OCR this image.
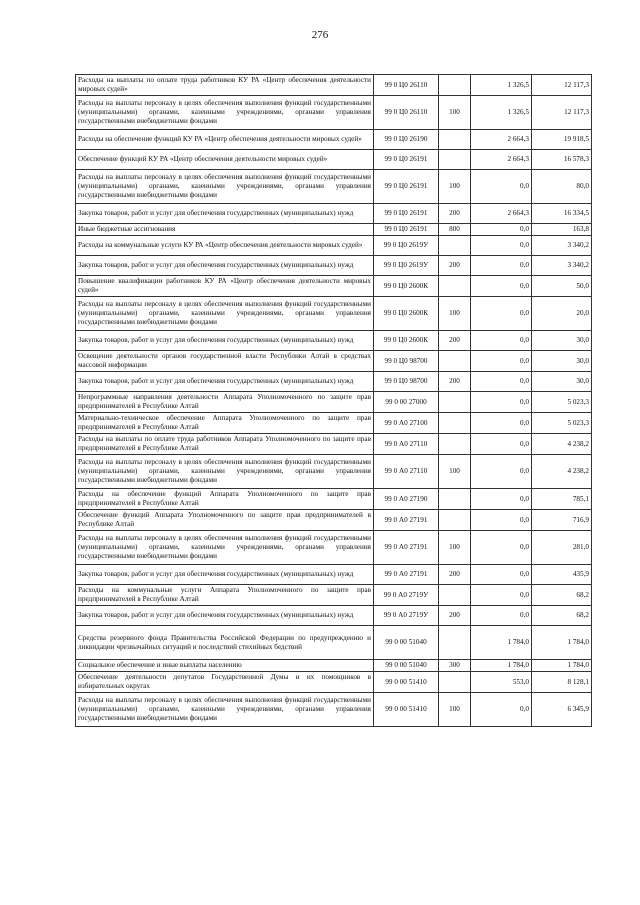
276
Расходы на выплаты по оплате труда работников КУ РА «Центр обеспечения деятельности мировых судей»	99 0 Ц0 26110		1 326,5	12 117,3
Расходы на выплаты персоналу в целях обеспечения выполнения функций государственными (муниципальными) органами, казенными учреждениями, органами управления государственными внебюджетными фондами	99 0 Ц0 26110	100	1 326,5	12 117,3
Расходы на обеспечение функций КУ РА «Центр обеспечения деятельности мировых судей»	99 0 Ц0 26190		2 664,3	19 918,5
Обеспечение функций КУ РА «Центр обеспечения деятельности мировых судей»	99 0 Ц0 26191		2 664,3	16 578,3
Расходы на выплаты персоналу в целях обеспечения выполнения функций государственными (муниципальными) органами, казенными учреждениями, органами управления государственными внебюджетными фондами	99 0 Ц0 26191	100	0,0	80,0
Закупка товаров, работ и услуг для обеспечения государственных (муниципальных) нужд	99 0 Ц0 26191	200	2 664,3	16 334,5
Иные бюджетные ассигнования	99 0 Ц0 26191	800	0,0	163,8
Расходы на коммунальные услуги КУ РА «Центр обеспечения деятельности мировых судей»	99 0 Ц0 2619У		0,0	3 340,2
Закупка товаров, работ и услуг для обеспечения государственных (муниципальных) нужд	99 0 Ц0 2619У	200	0,0	3 340,2
Повышение квалификации работников КУ РА «Центр обеспечения деятельности мировых судей»	99 0 Ц0 2600К		0,0	50,0
Расходы на выплаты персоналу в целях обеспечения выполнения функций государственными (муниципальными) органами, казенными учреждениями, органами управления государственными внебюджетными фондами	99 0 Ц0 2600К	100	0,0	20,0
Закупка товаров, работ и услуг для обеспечения государственных (муниципальных) нужд	99 0 Ц0 2600К	200	0,0	30,0
Освещение деятельности органов государственной власти Республики Алтай в средствах массовой информации	99 0 Ц0 98700		0,0	30,0
Закупка товаров, работ и услуг для обеспечения государственных (муниципальных) нужд	99 0 Ц0 98700	200	0,0	30,0
Непрограммные направления деятельности Аппарата Уполномоченного по защите прав предпринимателей в Республике Алтай	99 0 00 27000		0,0	5 023,3
Материально-техническое обеспечение Аппарата Уполномоченного по защите прав предпринимателей в Республике Алтай	99 0 А0 27100		0,0	5 023,3
Расходы на выплаты по оплате труда работников Аппарата Уполномоченного по защите прав предпринимателей в Республике Алтай	99 0 А0 27110		0,0	4 238,2
Расходы на выплаты персоналу в целях обеспечения выполнения функций государственными (муниципальными) органами, казенными учреждениями, органами управления государственными внебюджетными фондами	99 0 А0 27110	100	0,0	4 238,2
Расходы на обеспечение функций Аппарата Уполномоченного по защите прав предпринимателей в Республике Алтай	99 0 А0 27190		0,0	785,1
Обеспечение функций Аппарата Уполномоченного по защите прав предпринимателей в Республике Алтай	99 0 А0 27191		0,0	716,9
Расходы на выплаты персоналу в целях обеспечения выполнения функций государственными (муниципальными) органами, казенными учреждениями, органами управления государственными внебюджетными фондами	99 0 А0 27191	100	0,0	281,0
Закупка товаров, работ и услуг для обеспечения государственных (муниципальных) нужд	99 0 А0 27191	200	0,0	435,9
Расходы на коммунальные услуги Аппарата Уполномоченного по защите прав предпринимателей в Республике Алтай	99 0 А0 2719У		0,0	68,2
Закупка товаров, работ и услуг для обеспечения государственных (муниципальных) нужд	99 0 А0 2719У	200	0,0	68,2
Средства резервного фонда Правительства Российской Федерации по предупреждению и ликвидации чрезвычайных ситуаций и последствий стихийных бедствий	99 0 00 51040		1 784,0	1 784,0
Социальное обеспечение и иные выплаты населению	99 0 00 51040	300	1 784,0	1 784,0
Обеспечение деятельности депутатов Государственной Думы и их помощников в избирательных округах	99 0 00 51410		553,0	8 128,1
Расходы на выплаты персоналу в целях обеспечения выполнения функций государственными (муниципальными) органами, казенными учреждениями, органами управления государственными внебюджетными фондами	99 0 00 51410	100	0,0	6 345,9
